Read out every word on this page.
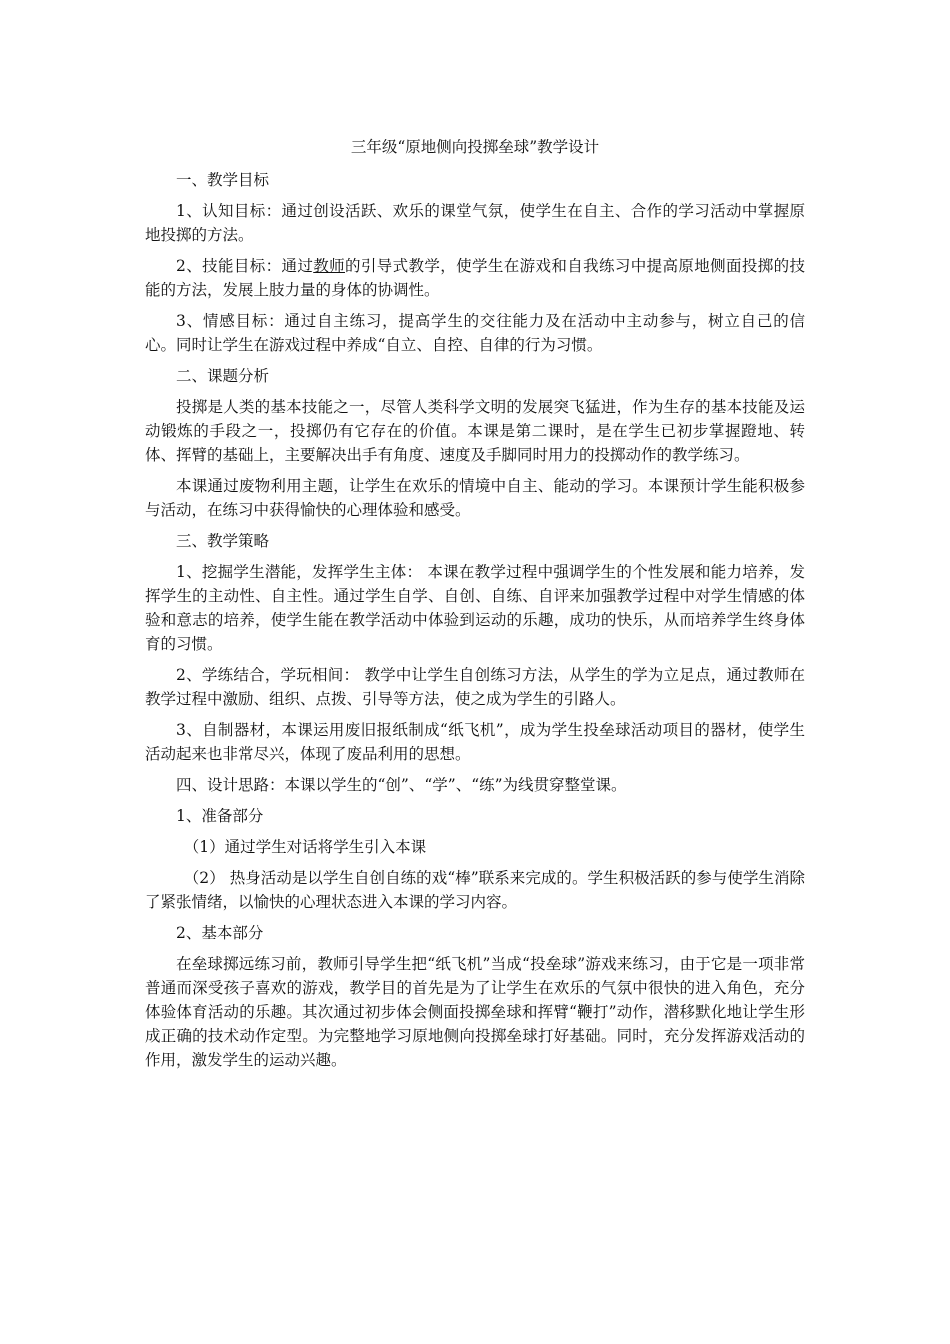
三年级“原地侧向投掷垒球”教学设计

一、教学目标

1、认知目标：通过创设活跃、欢乐的课堂气氛，使学生在自主、合作的学习活动中掌握原地投掷的方法。

2、技能目标：通过教师的引导式教学，使学生在游戏和自我练习中提高原地侧面投掷的技能的方法，发展上肢力量的身体的协调性。

3、情感目标：通过自主练习，提高学生的交往能力及在活动中主动参与，树立自己的信心。同时让学生在游戏过程中养成“自立、自控、自律的行为习惯。

二、课题分析

投掷是人类的基本技能之一，尽管人类科学文明的发展突飞猛进，作为生存的基本技能及运动锻炼的手段之一，投掷仍有它存在的价值。本课是第二课时，是在学生已初步掌握蹬地、转体、挥臂的基础上，主要解决出手有角度、速度及手脚同时用力的投掷动作的教学练习。

本课通过废物利用主题，让学生在欢乐的情境中自主、能动的学习。本课预计学生能积极参与活动，在练习中获得愉快的心理体验和感受。

三、教学策略

1、挖掘学生潜能，发挥学生主体： 本课在教学过程中强调学生的个性发展和能力培养，发挥学生的主动性、自主性。通过学生自学、自创、自练、自评来加强教学过程中对学生情感的体验和意志的培养，使学生能在教学活动中体验到运动的乐趣，成功的快乐，从而培养学生终身体育的习惯。

2、学练结合，学玩相间： 教学中让学生自创练习方法，从学生的学为立足点，通过教师在教学过程中激励、组织、点拨、引导等方法，使之成为学生的引路人。

3、自制器材，本课运用废旧报纸制成“纸飞机”，成为学生投垒球活动项目的器材，使学生活动起来也非常尽兴，体现了废品利用的思想。

四、设计思路：本课以学生的“创”、“学”、“练”为线贯穿整堂课。

1、准备部分

（1）通过学生对话将学生引入本课

（2） 热身活动是以学生自创自练的戏“棒”联系来完成的。学生积极活跃的参与使学生消除了紧张情绪，以愉快的心理状态进入本课的学习内容。

2、基本部分

在垒球掷远练习前，教师引导学生把“纸飞机”当成“投垒球”游戏来练习，由于它是一项非常普通而深受孩子喜欢的游戏，教学目的首先是为了让学生在欢乐的气氛中很快的进入角色，充分体验体育活动的乐趣。其次通过初步体会侧面投掷垒球和挥臂“鞭打”动作，潜移默化地让学生形成正确的技术动作定型。为完整地学习原地侧向投掷垒球打好基础。同时，充分发挥游戏活动的作用，激发学生的运动兴趣。
